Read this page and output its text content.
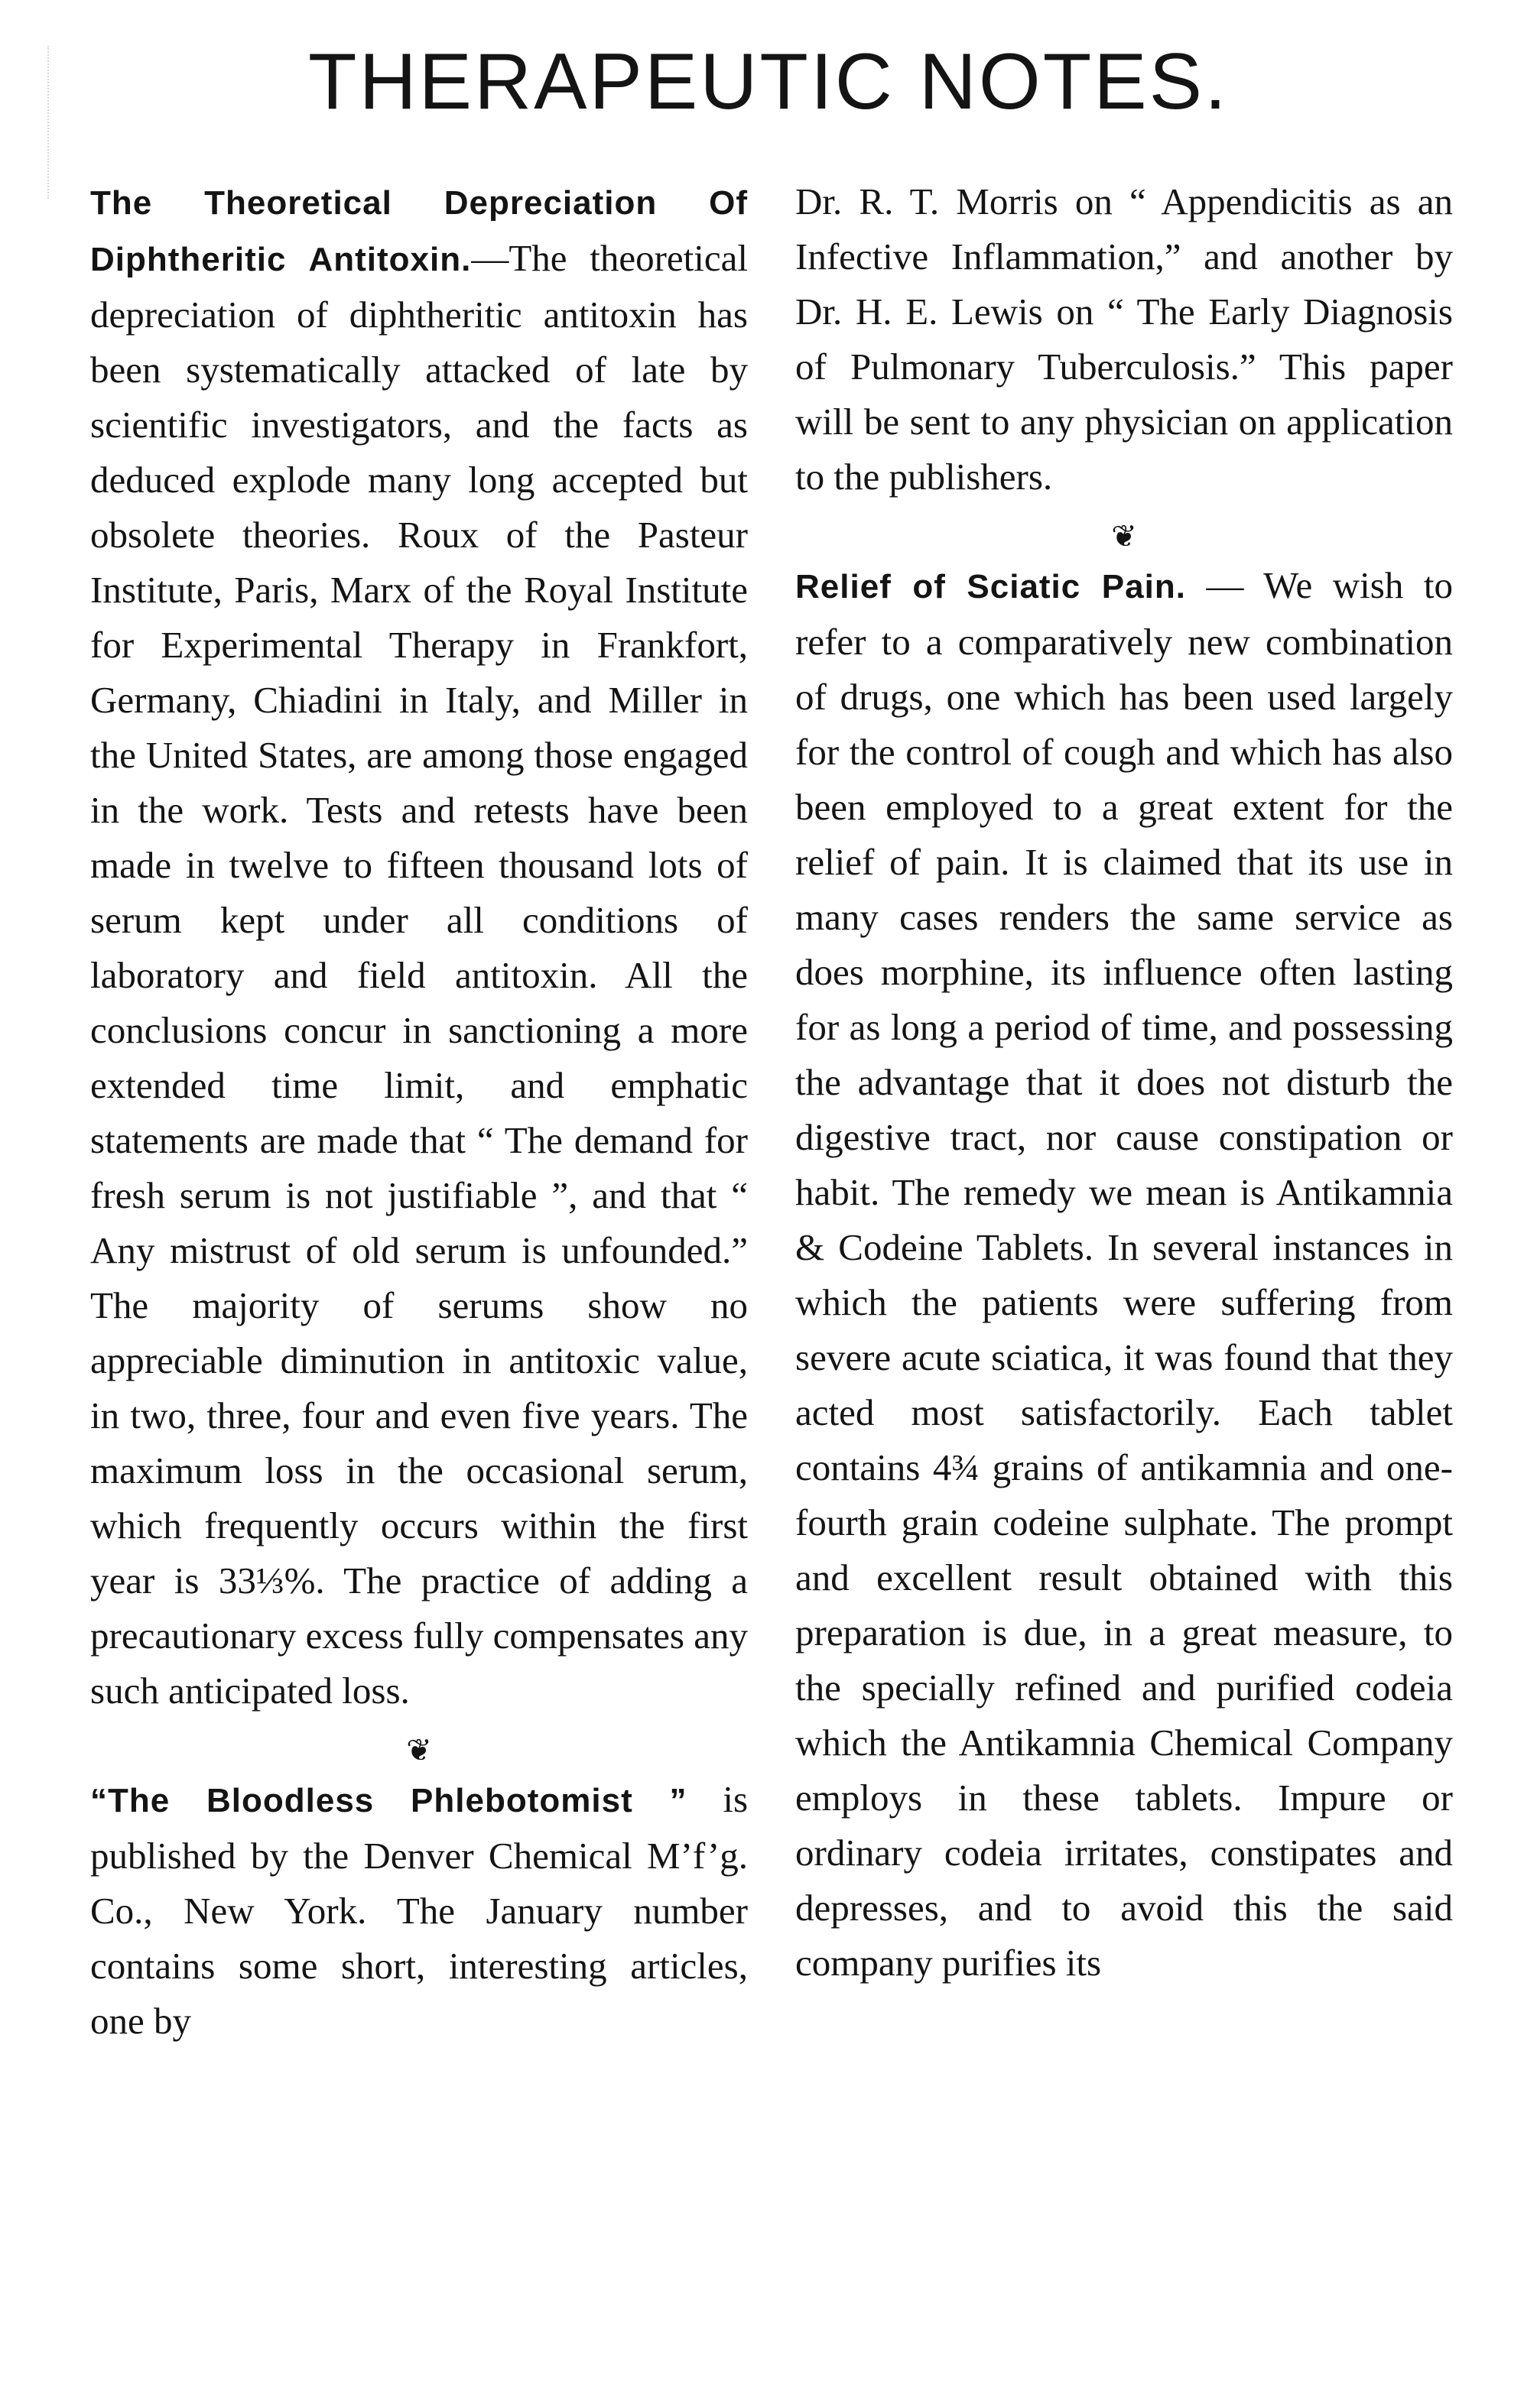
THERAPEUTIC NOTES.

The Theoretical Depreciation Of Diphtheritic Antitoxin.—The theoretical depreciation of diphtheritic antitoxin has been systematically attacked of late by scientific investigators, and the facts as deduced explode many long accepted but obsolete theories. Roux of the Pasteur Institute, Paris, Marx of the Royal Institute for Experimental Therapy in Frankfort, Germany, Chiadini in Italy, and Miller in the United States, are among those engaged in the work. Tests and retests have been made in twelve to fifteen thousand lots of serum kept under all conditions of laboratory and field antitoxin. All the conclusions concur in sanctioning a more extended time limit, and emphatic statements are made that “ The demand for fresh serum is not justifiable ”, and that “ Any mistrust of old serum is unfounded.” The majority of serums show no appreciable diminution in antitoxic value, in two, three, four and even five years. The maximum loss in the occasional serum, which frequently occurs within the first year is 33⅓%. The practice of adding a precautionary excess fully compensates any such anticipated loss.

❦

“The Bloodless Phlebotomist ” is published by the Denver Chemical M’f’g. Co., New York. The January number contains some short, interesting articles, one by

Dr. R. T. Morris on “ Appendicitis as an Infective Inflammation,” and another by Dr. H. E. Lewis on “ The Early Diagnosis of Pulmonary Tuberculosis.” This paper will be sent to any physician on application to the publishers.

❦

Relief of Sciatic Pain. — We wish to refer to a comparatively new combination of drugs, one which has been used largely for the control of cough and which has also been employed to a great extent for the relief of pain. It is claimed that its use in many cases renders the same service as does morphine, its influence often lasting for as long a period of time, and possessing the advantage that it does not disturb the digestive tract, nor cause constipation or habit. The remedy we mean is Antikamnia & Codeine Tablets. In several instances in which the patients were suffering from severe acute sciatica, it was found that they acted most satisfactorily. Each tablet contains 4¾ grains of antikamnia and one-fourth grain codeine sulphate. The prompt and excellent result obtained with this preparation is due, in a great measure, to the specially refined and purified codeia which the Antikamnia Chemical Company employs in these tablets. Impure or ordinary codeia irritates, constipates and depresses, and to avoid this the said company purifies its
